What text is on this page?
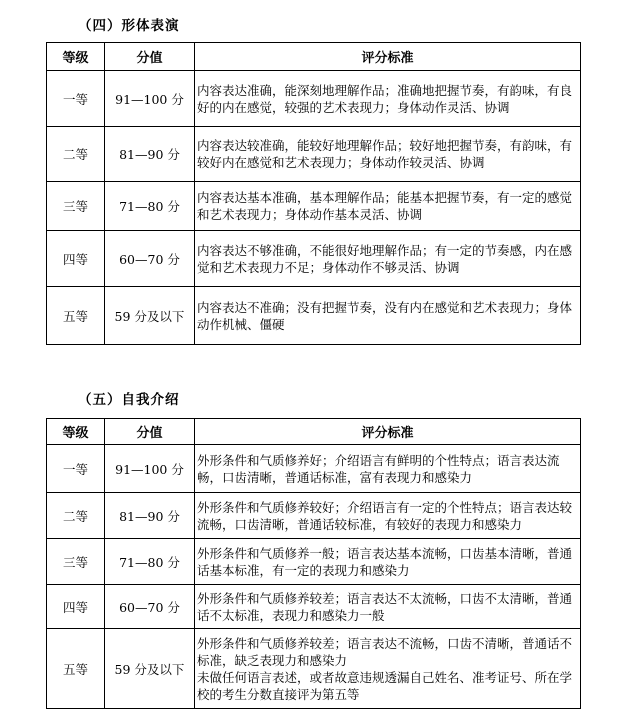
（四）形体表演
等级	分值	评分标准
一等	91—100 分	内容表达准确，能深刻地理解作品；准确地把握节奏，有韵味，有良好的内在感觉，较强的艺术表现力；身体动作灵活、协调
二等	81—90 分	内容表达较准确，能较好地理解作品；较好地把握节奏，有韵味，有较好内在感觉和艺术表现力；身体动作较灵活、协调
三等	71—80 分	内容表达基本准确，基本理解作品；能基本把握节奏，有一定的感觉和艺术表现力；身体动作基本灵活、协调
四等	60—70 分	内容表达不够准确，不能很好地理解作品；有一定的节奏感，内在感觉和艺术表现力不足；身体动作不够灵活、协调
五等	59 分及以下	内容表达不准确；没有把握节奏，没有内在感觉和艺术表现力；身体动作机械、僵硬
（五）自我介绍
等级	分值	评分标准
一等	91—100 分	外形条件和气质修养好；介绍语言有鲜明的个性特点；语言表达流畅，口齿清晰，普通话标准，富有表现力和感染力
二等	81—90 分	外形条件和气质修养较好；介绍语言有一定的个性特点；语言表达较流畅，口齿清晰，普通话较标准，有较好的表现力和感染力
三等	71—80 分	外形条件和气质修养一般；语言表达基本流畅，口齿基本清晰，普通话基本标准，有一定的表现力和感染力
四等	60—70 分	外形条件和气质修养较差；语言表达不太流畅，口齿不太清晰，普通话不太标准，表现力和感染力一般
五等	59 分及以下	外形条件和气质修养较差；语言表达不流畅，口齿不清晰，普通话不标准，缺乏表现力和感染力
未做任何语言表述，或者故意违规透漏自己姓名、准考证号、所在学校的考生分数直接评为第五等
